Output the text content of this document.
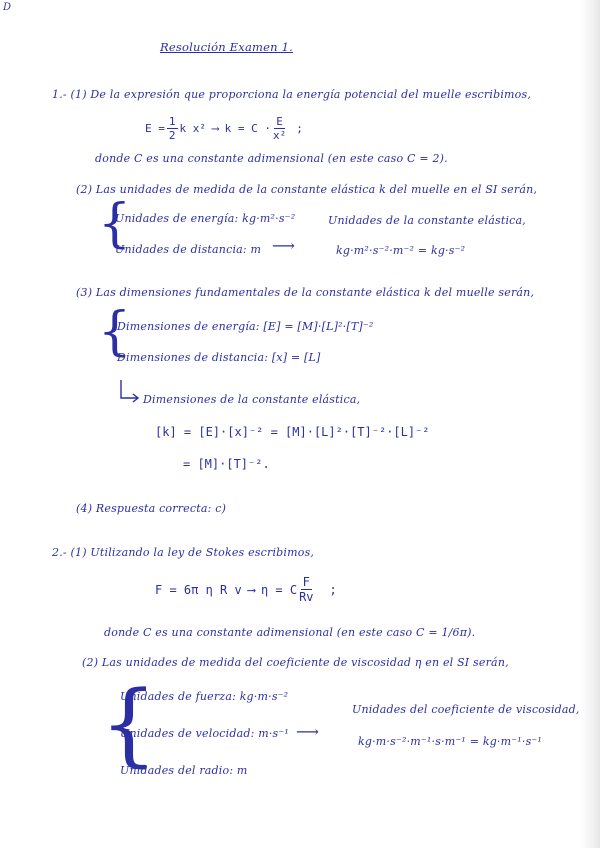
D
Resolución Examen 1.
1.- (1) De la expresión que proporciona la energía potencial del muelle escribimos,
$E = \frac{1}{2}$ k x² ⟶ $k = C \cdot \frac{E}{\text{x²}}$ ;
donde C es una constante adimensional (en este caso C = 2).
(2) Las unidades de medida de la constante elástica k del muelle en el SI serán,
{
Unidades de energía: kg·m²·s⁻²
Unidades de distancia: m ⟶
Unidades de la constante elástica,
kg·m²·s⁻²·m⁻² = kg·s⁻²
(3) Las dimensiones fundamentales de la constante elástica k del muelle serán,
{
Dimensiones de energía: [E] = [M]·[L]²·[T]⁻²
Dimensiones de distancia: [x] = [L]
Dimensiones de la constante elástica,
[k] = [E]·[x]⁻² = [M]·[L]²·[T]⁻²·[L]⁻²
= [M]·[T]⁻².
(4) Respuesta correcta: c)
2.- (1) Utilizando la ley de Stokes escribimos,
F = 6π η R v ⟶ η = C $\frac{F}{Rv}$ ;
donde C es una constante adimensional (en este caso C = 1/6π).
(2) Las unidades de medida del coeficiente de viscosidad η en el SI serán,
{
Unidades de fuerza: kg·m·s⁻²
Unidades de velocidad: m·s⁻¹
Unidades del radio: m
⟶
Unidades del coeficiente de viscosidad,
kg·m·s⁻²·m⁻¹·s·m⁻¹ = kg·m⁻¹·s⁻¹
